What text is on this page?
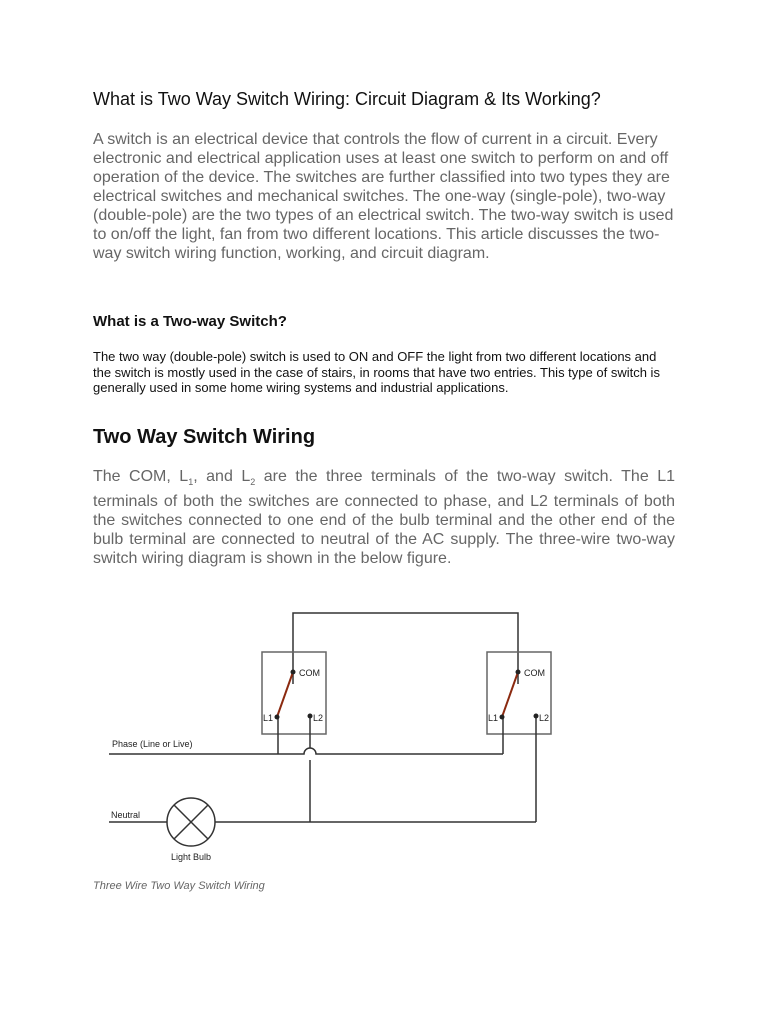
What is Two Way Switch Wiring: Circuit Diagram & Its Working?

A switch is an electrical device that controls the flow of current in a circuit. Every electronic and electrical application uses at least one switch to perform on and off operation of the device. The switches are further classified into two types they are electrical switches and mechanical switches. The one-way (single-pole), two-way (double-pole) are the two types of an electrical switch. The two-way switch is used to on/off the light, fan from two different locations. This article discusses the two-way switch wiring function, working, and circuit diagram.

What is a Two-way Switch?

The two way (double-pole) switch is used to ON and OFF the light from two different locations and the switch is mostly used in the case of stairs, in rooms that have two entries. This type of switch is generally used in some home wiring systems and industrial applications.

Two Way Switch Wiring

The COM, $L_1$, and $L_2$ are the three terminals of the two-way switch. The L1 terminals of both the switches are connected to phase, and L2 terminals of both the switches connected to one end of the bulb terminal and the other end of the bulb terminal are connected to neutral of the AC supply. The three-wire two-way switch wiring diagram is shown in the below figure.

Three Wire Two Way Switch Wiring

COM
L1	L2
COM
L1	L2
Phase (Line or Live)
Neutral
Light Bulb
